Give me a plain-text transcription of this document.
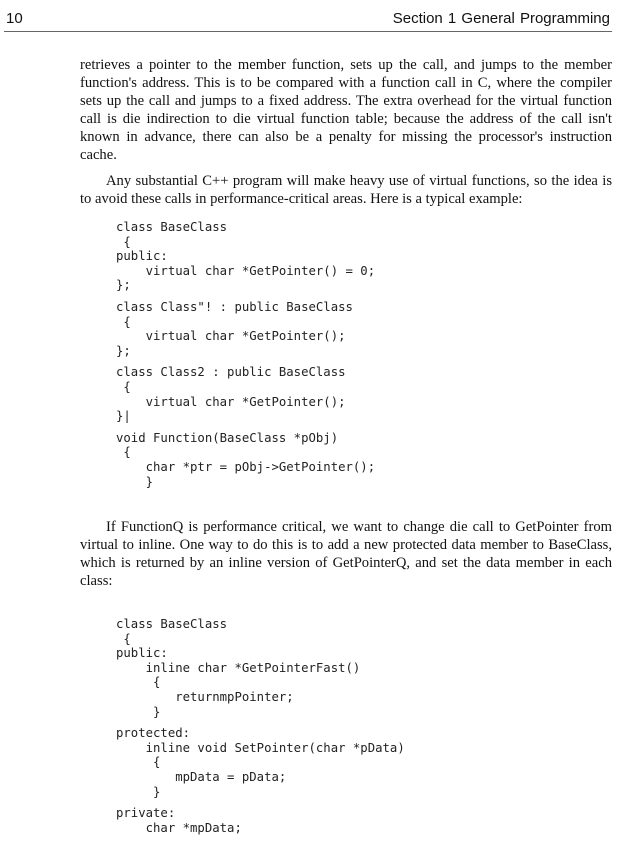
10	Section 1 General Programming

retrieves a pointer to the member function, sets up the call, and jumps to the member function's address. This is to be compared with a function call in C, where the compiler sets up the call and jumps to a fixed address. The extra overhead for the virtual function call is die indirection to die virtual function table; because the address of the call isn't known in advance, there can also be a penalty for missing the processor's instruction cache.

Any substantial C++ program will make heavy use of virtual functions, so the idea is to avoid these calls in performance-critical areas. Here is a typical example:

class BaseClass
{
public:
virtual char *GetPointer() = 0;
};
class Class"! : public BaseClass
{
virtual char *GetPointer();
};
class Class2 : public BaseClass
{
virtual char *GetPointer();
}|
void Function(BaseClass *pObj)
{
char *ptr = pObj->GetPointer();
}

If FunctionQ is performance critical, we want to change die call to GetPointer from virtual to inline. One way to do this is to add a new protected data member to BaseClass, which is returned by an inline version of GetPointerQ, and set the data member in each class:

class BaseClass
{
public:
inline char *GetPointerFast()
{
returnmpPointer;
}
protected:
inline void SetPointer(char *pData)
{
mpData = pData;
}
private:
char *mpData;
